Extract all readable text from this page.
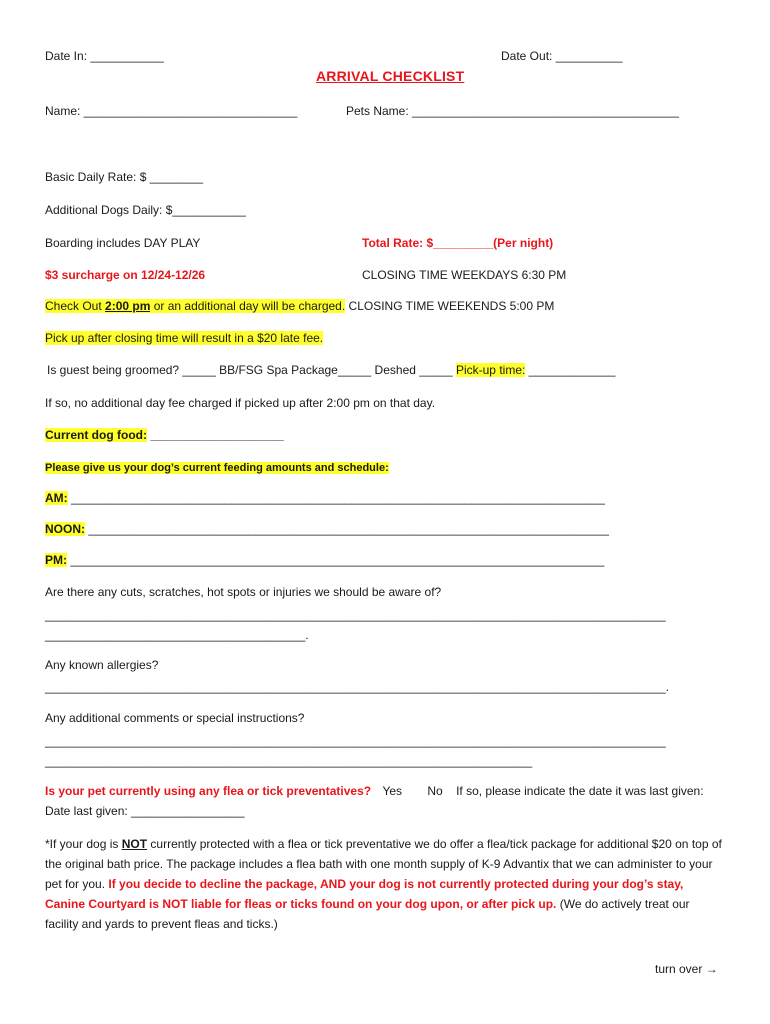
Date In: ___________	Date Out: __________
ARRIVAL CHECKLIST
Name: ________________________________	Pets Name: ________________________________________
Basic Daily Rate: $ ________
Additional Dogs Daily: $___________
Boarding includes DAY PLAY	Total Rate: $_________(Per night)
$3 surcharge on 12/24-12/26	CLOSING TIME WEEKDAYS 6:30 PM
Check Out 2:00 pm or an additional day will be charged. CLOSING TIME WEEKENDS 5:00 PM
Pick up after closing time will result in a $20 late fee.
Is guest being groomed? _____ BB/FSG Spa Package_____ Deshed _____ Pick-up time: _____________
If so, no additional day fee charged if picked up after 2:00 pm on that day.
Current dog food: ____________________
Please give us your dog’s current feeding amounts and schedule:
AM: ________________________________________________________________________________
NOON: ______________________________________________________________________________
PM: ________________________________________________________________________________
Are there any cuts, scratches, hot spots or injuries we should be aware of?
_____________________________________________________________________________________________
_______________________________________.
Any known allergies?
_____________________________________________________________________________________________.
Any additional comments or special instructions?
_____________________________________________________________________________________________
_________________________________________________________________________
Is your pet currently using any flea or tick preventatives? Yes No If so, please indicate the date it was last given:
Date last given: _________________
*If your dog is NOT currently protected with a flea or tick preventative we do offer a flea/tick package for additional $20 on top of the original bath price. The package includes a flea bath with one month supply of K-9 Advantix that we can administer to your pet for you. If you decide to decline the package, AND your dog is not currently protected during your dog’s stay, Canine Courtyard is NOT liable for fleas or ticks found on your dog upon, or after pick up. (We do actively treat our facility and yards to prevent fleas and ticks.)
turn over →
